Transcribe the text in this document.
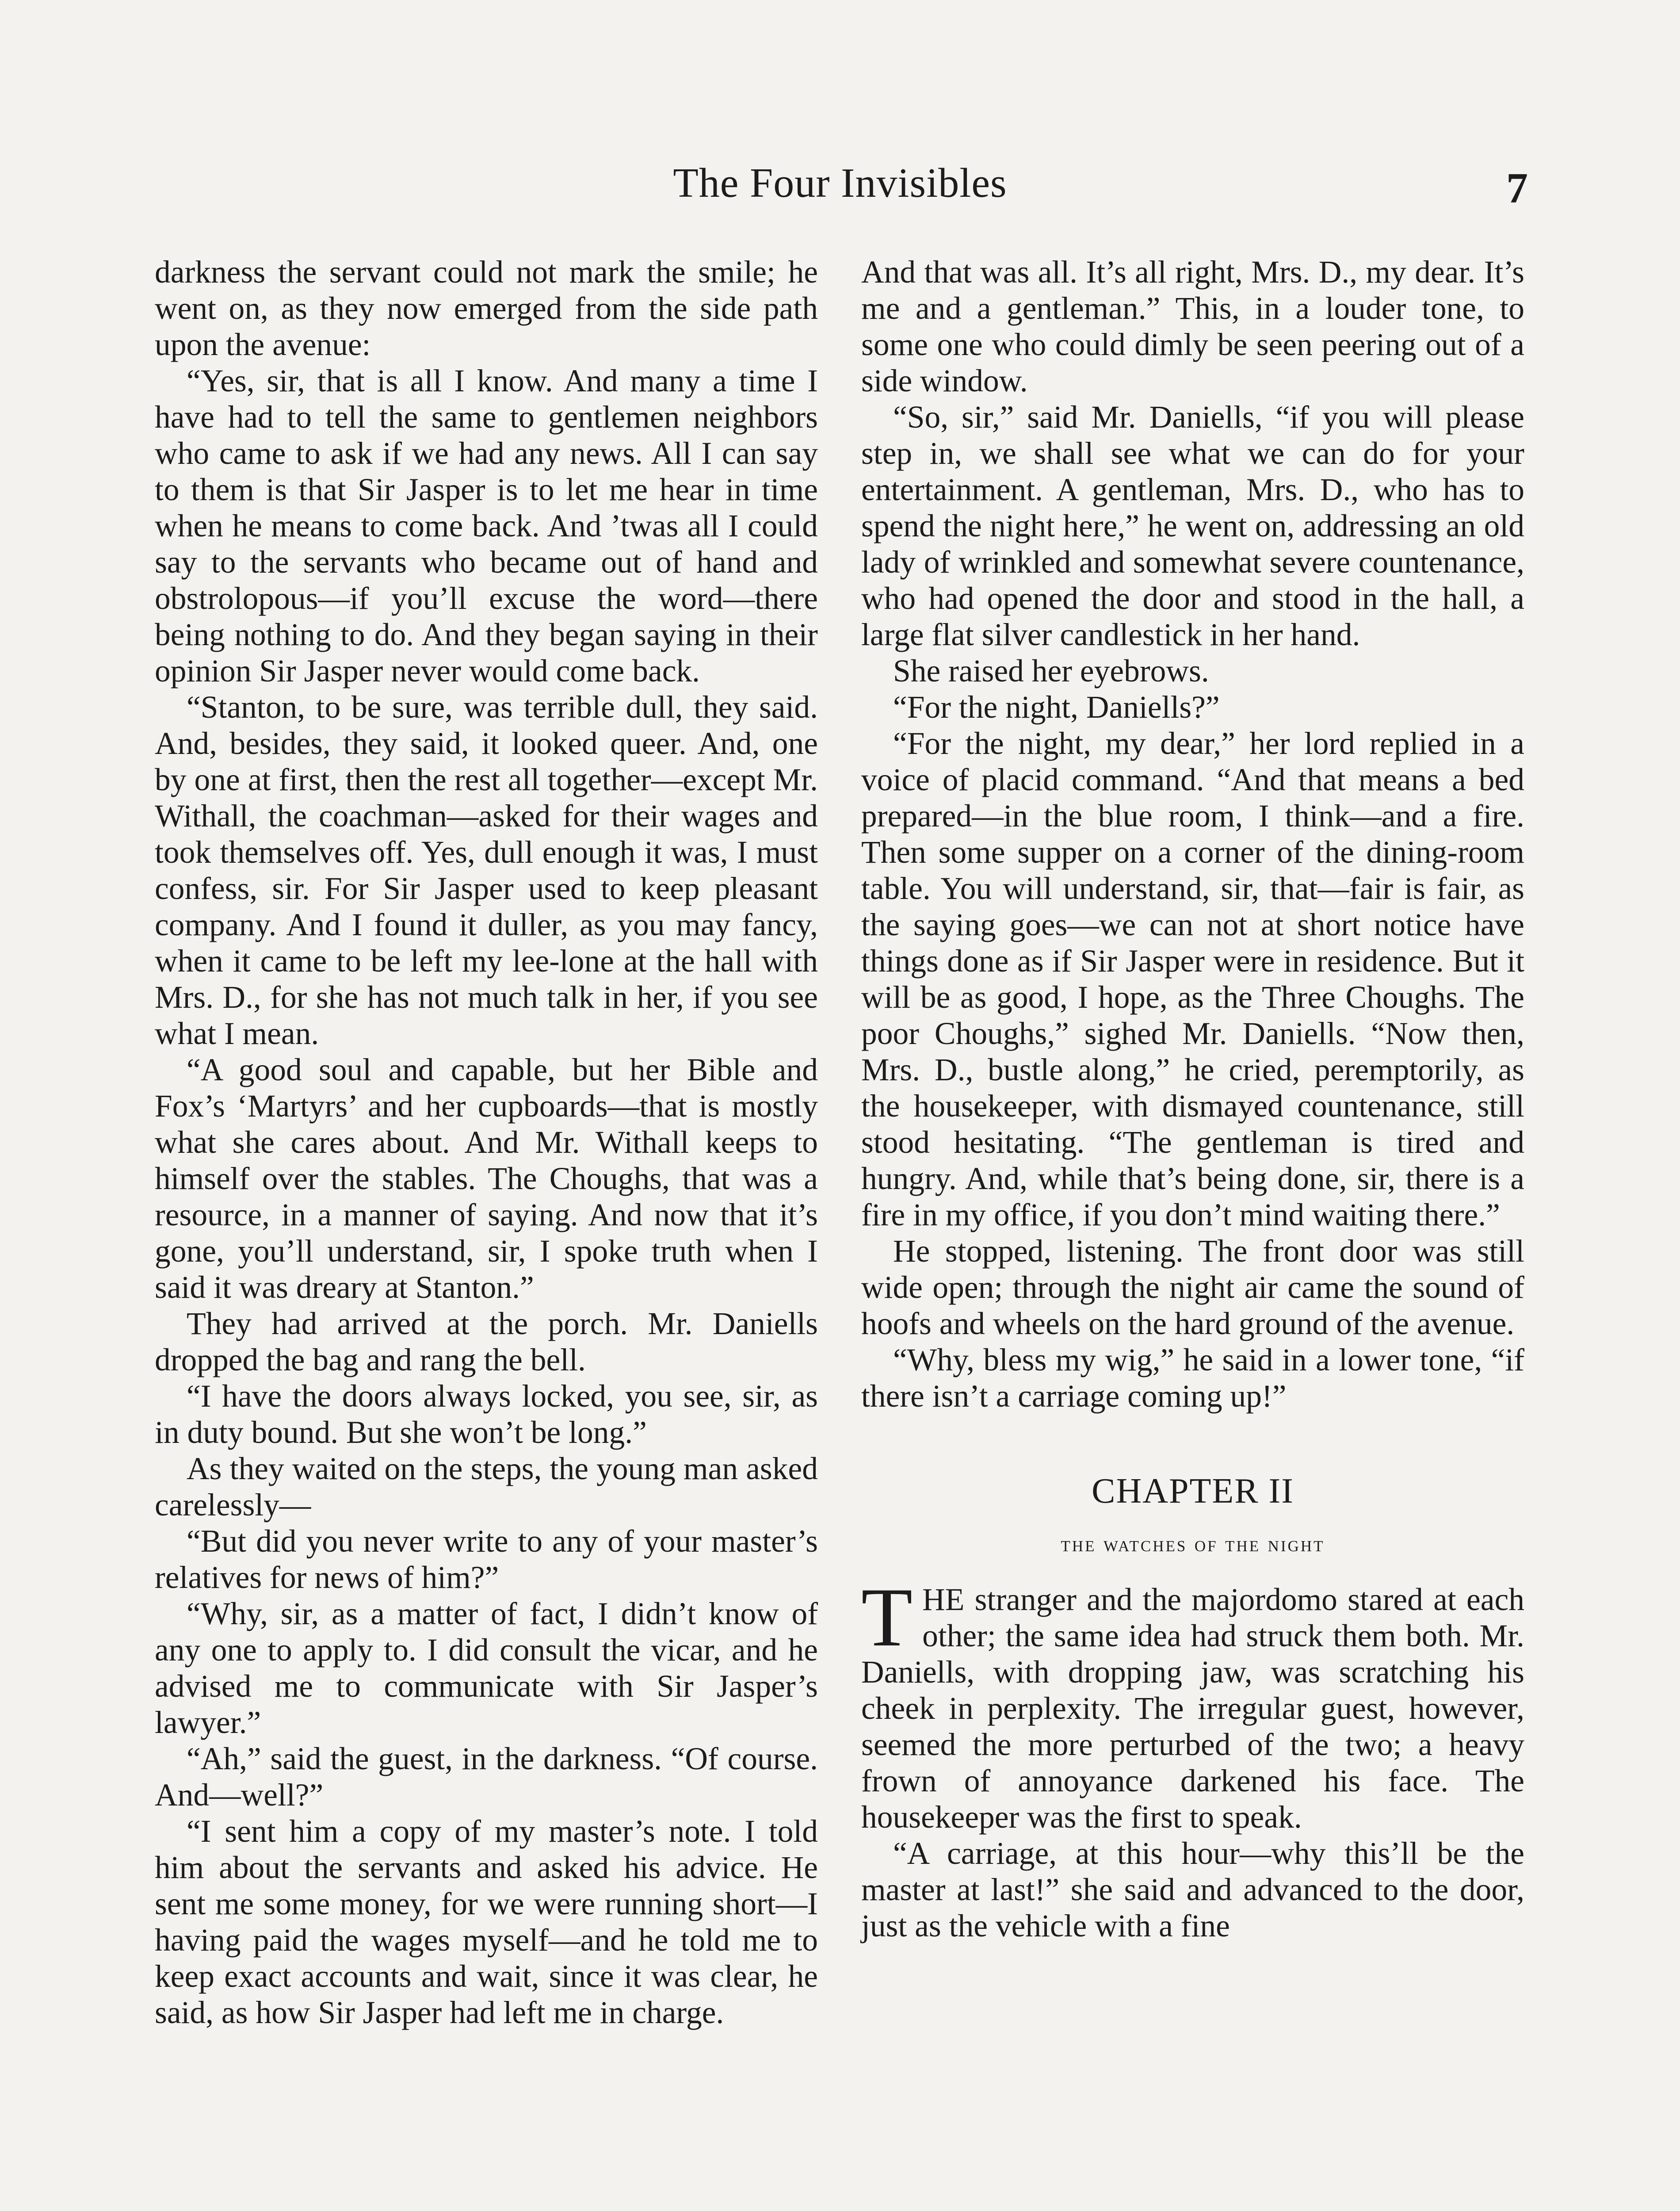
The Four Invisibles	7

darkness the servant could not mark the smile; he went on, as they now emerged from the side path upon the avenue:

“Yes, sir, that is all I know. And many a time I have had to tell the same to gentlemen neighbors who came to ask if we had any news. All I can say to them is that Sir Jasper is to let me hear in time when he means to come back. And ’twas all I could say to the servants who became out of hand and obstrolopous—if you’ll excuse the word—there being nothing to do. And they began saying in their opinion Sir Jasper never would come back.

“Stanton, to be sure, was terrible dull, they said. And, besides, they said, it looked queer. And, one by one at first, then the rest all together—except Mr. Withall, the coachman—asked for their wages and took themselves off. Yes, dull enough it was, I must confess, sir. For Sir Jasper used to keep pleasant company. And I found it duller, as you may fancy, when it came to be left my lee-lone at the hall with Mrs. D., for she has not much talk in her, if you see what I mean.

“A good soul and capable, but her Bible and Fox’s ‘Martyrs’ and her cupboards—that is mostly what she cares about. And Mr. Withall keeps to himself over the stables. The Choughs, that was a resource, in a manner of saying. And now that it’s gone, you’ll understand, sir, I spoke truth when I said it was dreary at Stanton.”

They had arrived at the porch. Mr. Daniells dropped the bag and rang the bell.

“I have the doors always locked, you see, sir, as in duty bound. But she won’t be long.”

As they waited on the steps, the young man asked carelessly—

“But did you never write to any of your master’s relatives for news of him?”

“Why, sir, as a matter of fact, I didn’t know of any one to apply to. I did consult the vicar, and he advised me to communicate with Sir Jasper’s lawyer.”

“Ah,” said the guest, in the darkness. “Of course. And—well?”

“I sent him a copy of my master’s note. I told him about the servants and asked his advice. He sent me some money, for we were running short—I having paid the wages myself—and he told me to keep exact accounts and wait, since it was clear, he said, as how Sir Jasper had left me in charge.

And that was all. It’s all right, Mrs. D., my dear. It’s me and a gentleman.” This, in a louder tone, to some one who could dimly be seen peering out of a side window.

“So, sir,” said Mr. Daniells, “if you will please step in, we shall see what we can do for your entertainment. A gentleman, Mrs. D., who has to spend the night here,” he went on, addressing an old lady of wrinkled and somewhat severe countenance, who had opened the door and stood in the hall, a large flat silver candlestick in her hand.

She raised her eyebrows.

“For the night, Daniells?”

“For the night, my dear,” her lord replied in a voice of placid command. “And that means a bed prepared—in the blue room, I think—and a fire. Then some supper on a corner of the dining-room table. You will understand, sir, that—fair is fair, as the saying goes—we can not at short notice have things done as if Sir Jasper were in residence. But it will be as good, I hope, as the Three Choughs. The poor Choughs,” sighed Mr. Daniells. “Now then, Mrs. D., bustle along,” he cried, peremptorily, as the housekeeper, with dismayed countenance, still stood hesitating. “The gentleman is tired and hungry. And, while that’s being done, sir, there is a fire in my office, if you don’t mind waiting there.”

He stopped, listening. The front door was still wide open; through the night air came the sound of hoofs and wheels on the hard ground of the avenue.

“Why, bless my wig,” he said in a lower tone, “if there isn’t a carriage coming up!”

CHAPTER II
the watches of the night

THE stranger and the majordomo stared at each other; the same idea had struck them both. Mr. Daniells, with dropping jaw, was scratching his cheek in perplexity. The irregular guest, however, seemed the more perturbed of the two; a heavy frown of annoyance darkened his face. The housekeeper was the first to speak.

“A carriage, at this hour—why this’ll be the master at last!” she said and advanced to the door, just as the vehicle with a fine
